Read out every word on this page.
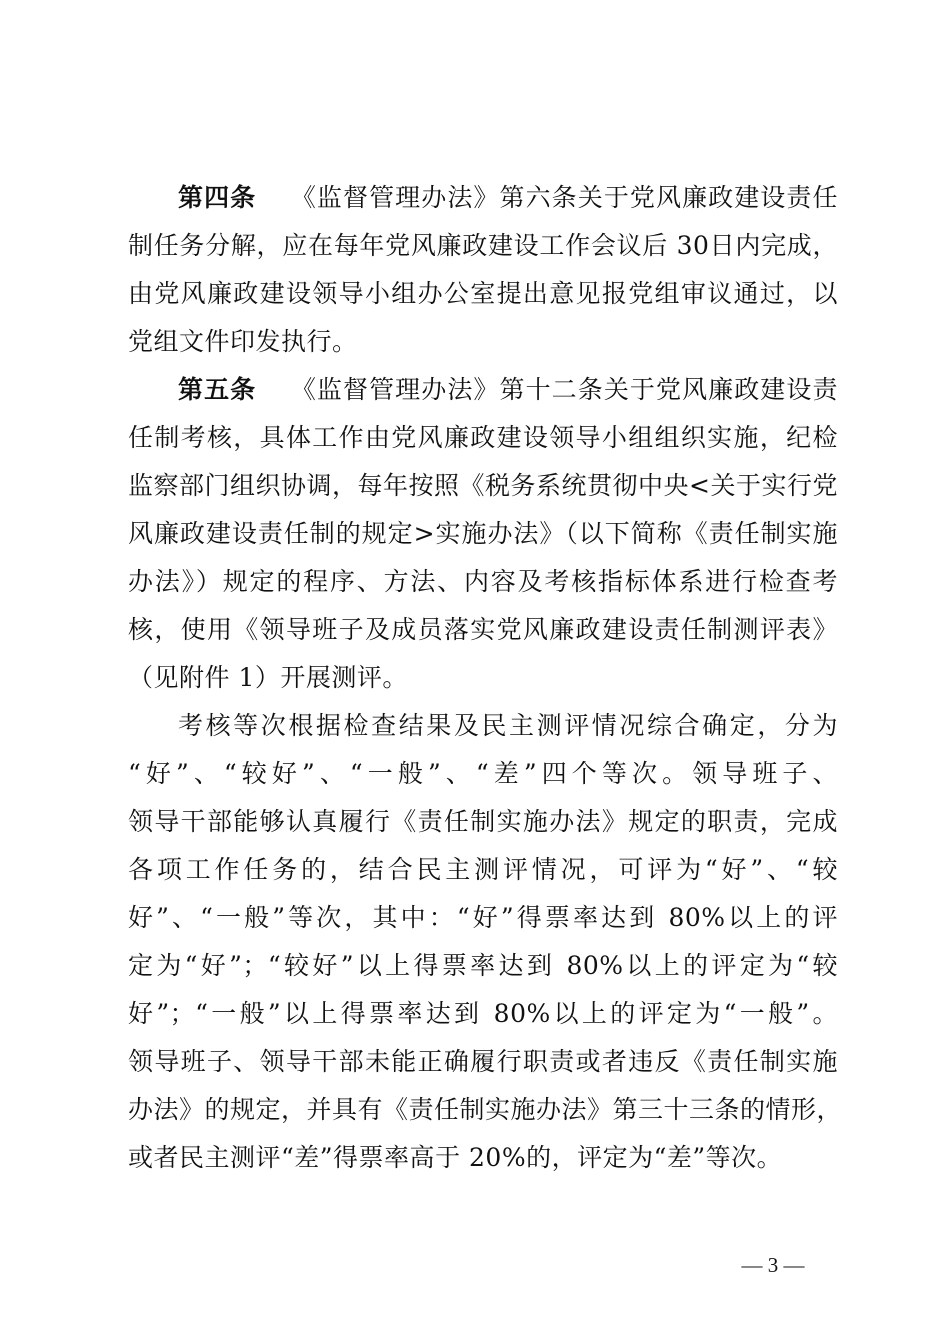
第四条 《监督管理办法》第六条关于党风廉政建设责任
制任务分解，应在每年党风廉政建设工作会议后 30日内完成，
由党风廉政建设领导小组办公室提出意见报党组审议通过，以
党组文件印发执行。
第五条 《监督管理办法》第十二条关于党风廉政建设责
任制考核，具体工作由党风廉政建设领导小组组织实施，纪检
监察部门组织协调，每年按照《税务系统贯彻中央<关于实行党
风廉政建设责任制的规定>实施办法》（以下简称《责任制实施
办法》）规定的程序、方法、内容及考核指标体系进行检查考
核，使用《领导班子及成员落实党风廉政建设责任制测评表》
（见附件 1）开展测评。
考核等次根据检查结果及民主测评情况综合确定，分为
“好”、“较好”、“一般”、“差”四个等次。领导班子、
领导干部能够认真履行《责任制实施办法》规定的职责，完成
各项工作任务的，结合民主测评情况，可评为“好”、“较
好”、“一般”等次，其中：“好”得票率达到 80%以上的评
定为“好”；“较好”以上得票率达到 80%以上的评定为“较
好”；“一般”以上得票率达到 80%以上的评定为“一般”。
领导班子、领导干部未能正确履行职责或者违反《责任制实施
办法》的规定，并具有《责任制实施办法》第三十三条的情形，
或者民主测评“差”得票率高于 20%的，评定为“差”等次。
— 3 —
